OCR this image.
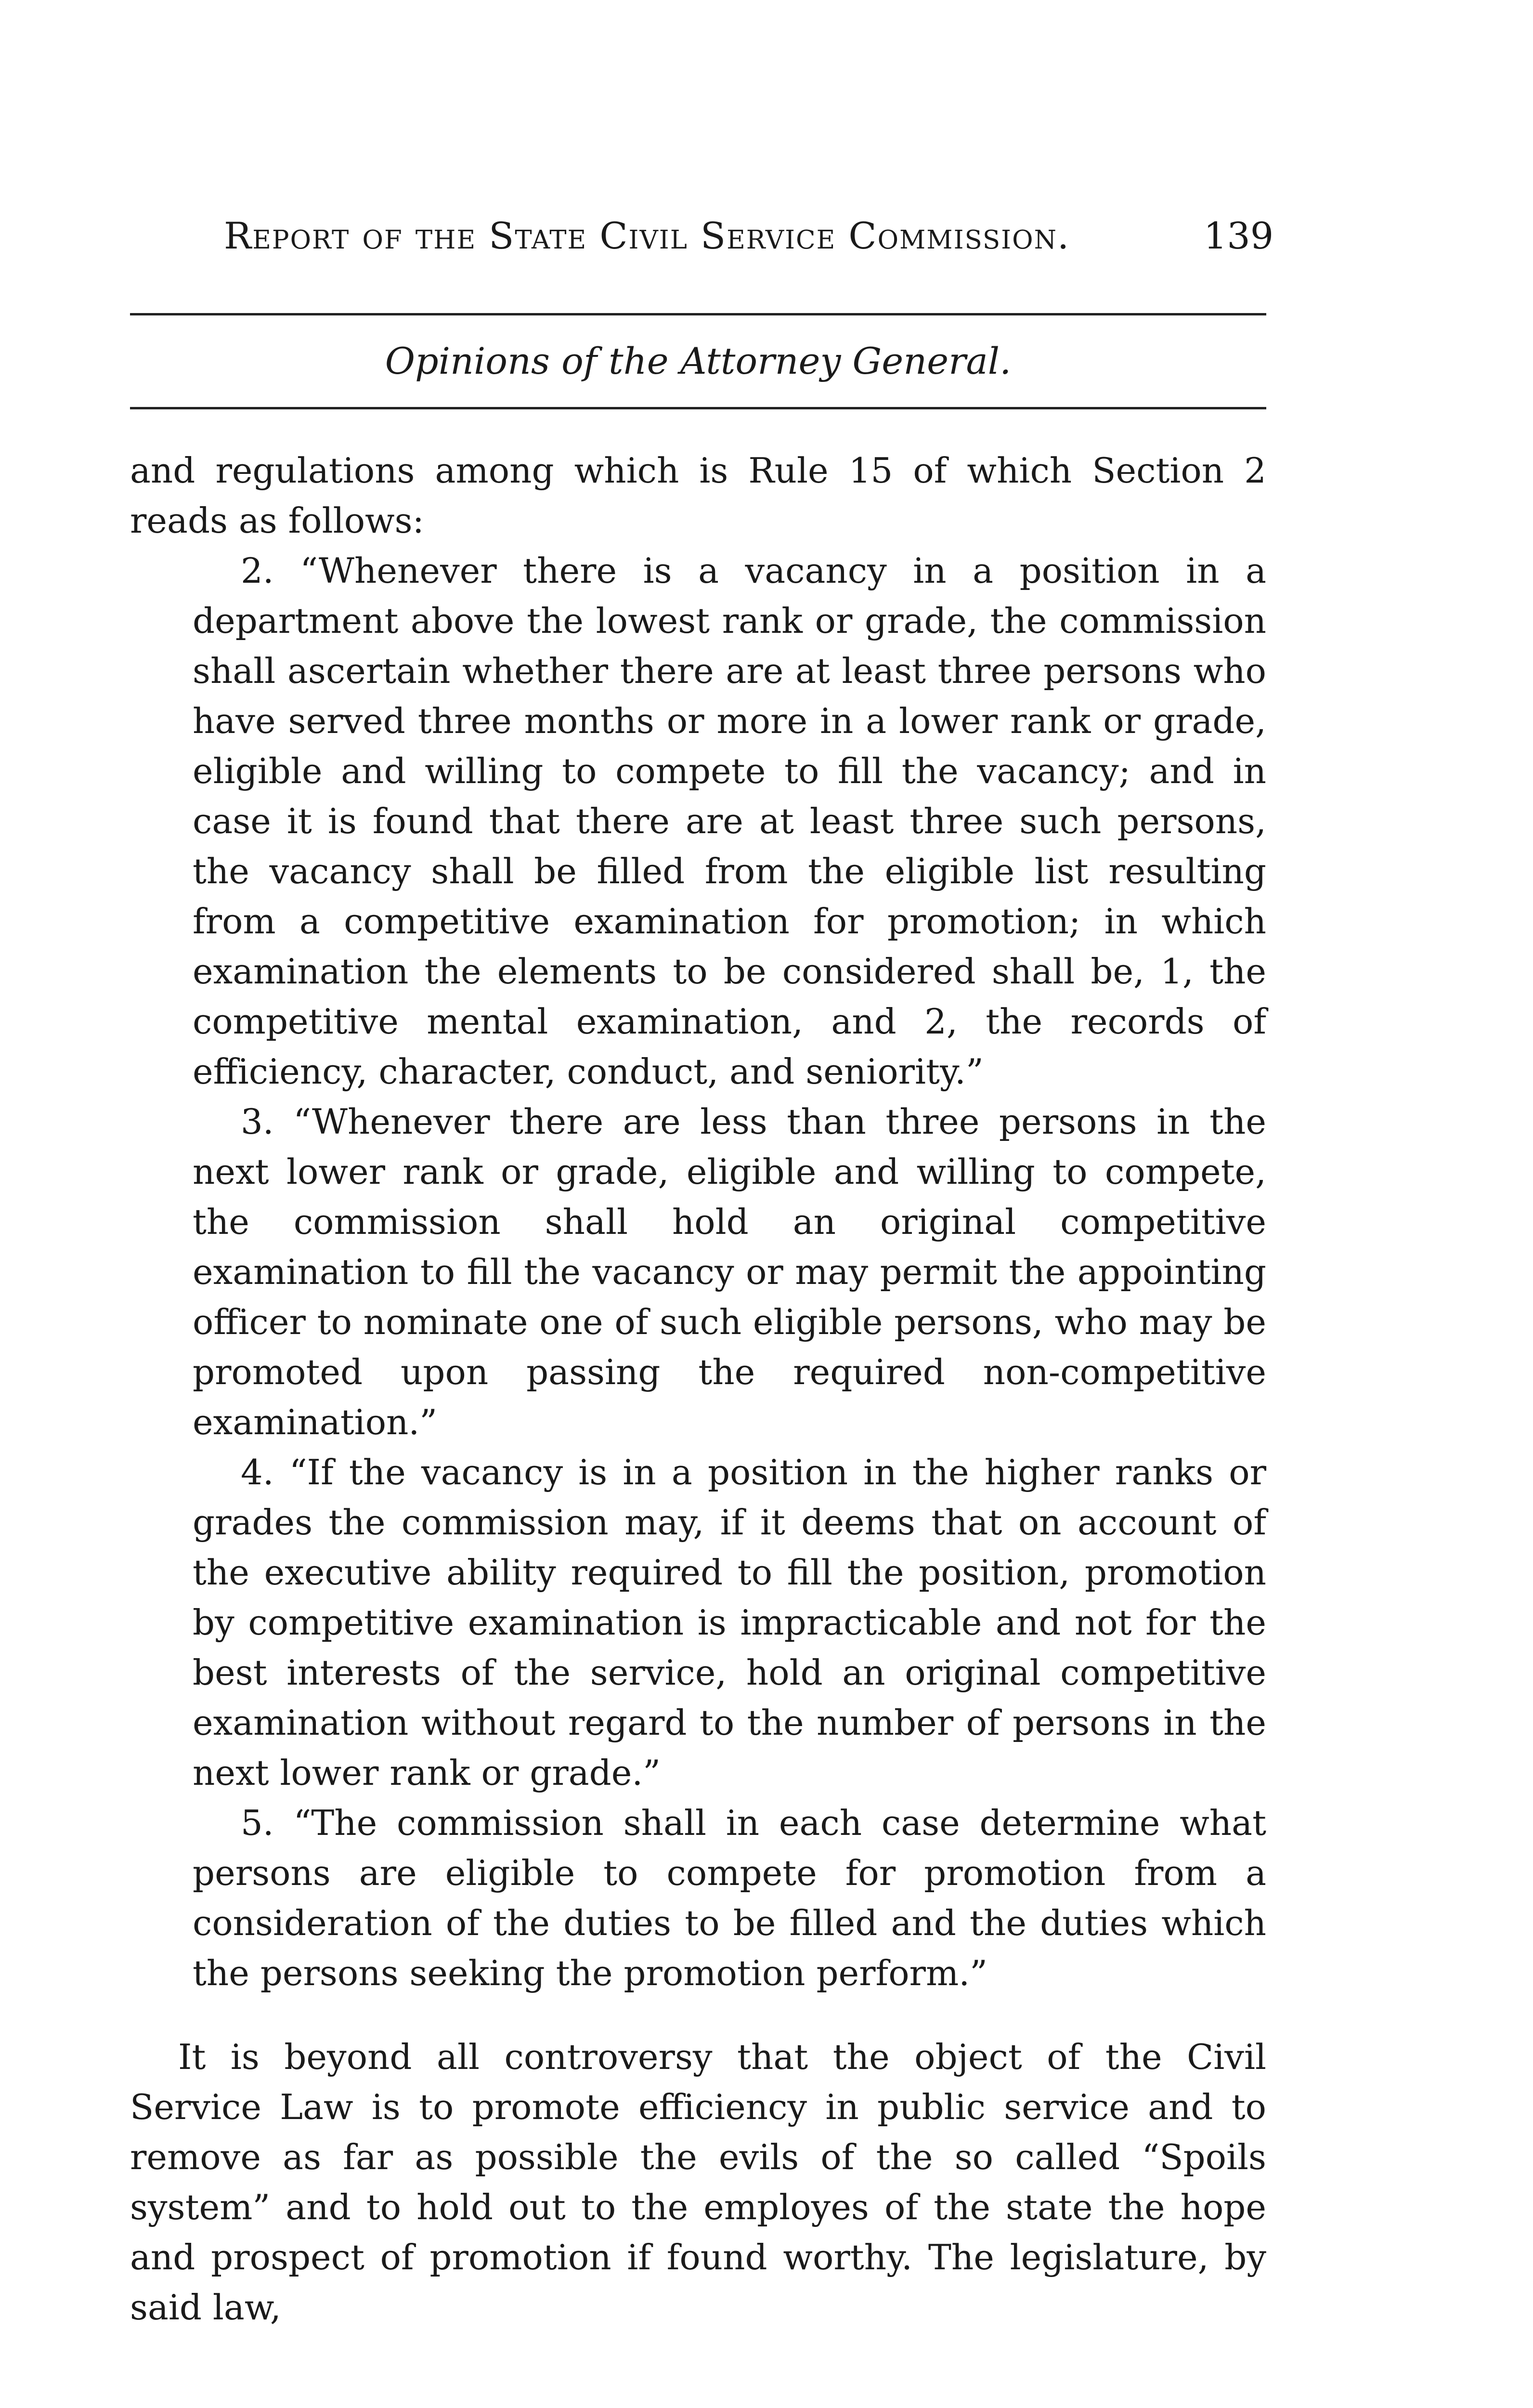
Report of the State Civil Service Commission.	139
Opinions of the Attorney General.

and regulations among which is Rule 15 of which Section 2 reads as follows:

2. “Whenever there is a vacancy in a position in a department above the lowest rank or grade, the commission shall ascertain whether there are at least three persons who have served three months or more in a lower rank or grade, eligible and willing to compete to fill the vacancy; and in case it is found that there are at least three such persons, the vacancy shall be filled from the eligible list resulting from a competitive examination for promotion; in which examination the elements to be considered shall be, 1, the competitive mental examination, and 2, the records of efficiency, character, conduct, and seniority.”

3. “Whenever there are less than three persons in the next lower rank or grade, eligible and willing to compete, the commission shall hold an original competitive examination to fill the vacancy or may permit the appointing officer to nominate one of such eligible persons, who may be promoted upon passing the required non-competitive examination.”

4. “If the vacancy is in a position in the higher ranks or grades the commission may, if it deems that on account of the executive ability required to fill the position, promotion by competitive examination is impracticable and not for the best interests of the service, hold an original competitive examination without regard to the number of persons in the next lower rank or grade.”

5. “The commission shall in each case determine what persons are eligible to compete for promotion from a consideration of the duties to be filled and the duties which the persons seeking the promotion perform.”

It is beyond all controversy that the object of the Civil Service Law is to promote efficiency in public service and to remove as far as possible the evils of the so called “Spoils system” and to hold out to the employes of the state the hope and prospect of promotion if found worthy. The legislature, by said law,
